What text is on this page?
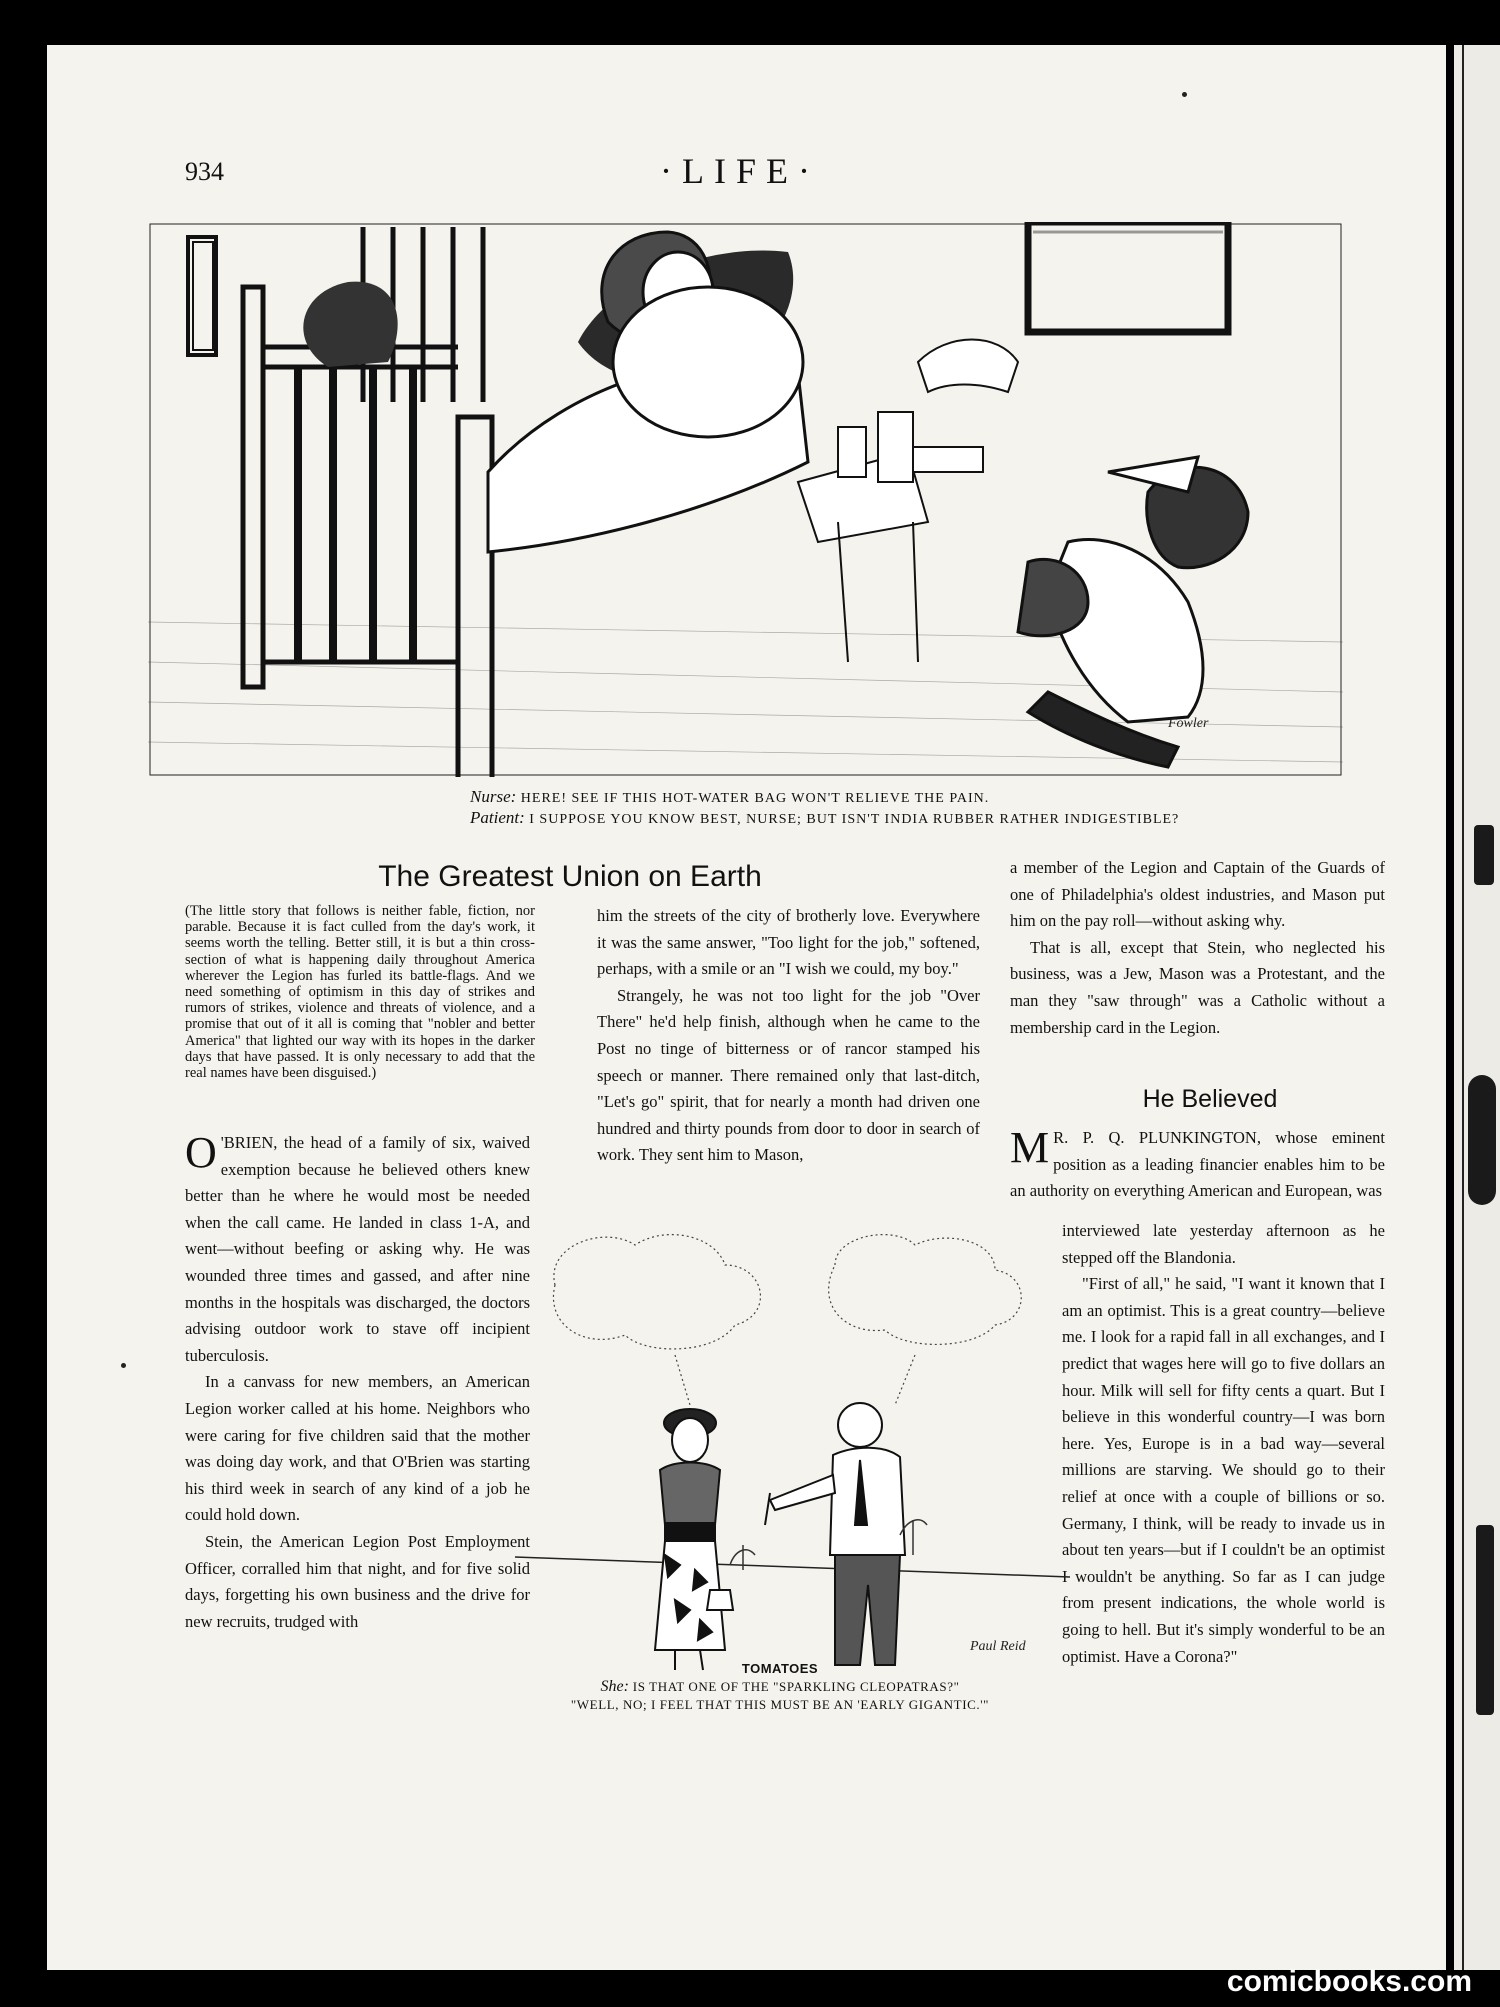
934	·LIFE·
Fowler
Nurse: HERE! SEE IF THIS HOT-WATER BAG WON'T RELIEVE THE PAIN.
Patient: I SUPPOSE YOU KNOW BEST, NURSE; BUT ISN'T INDIA RUBBER RATHER INDIGESTIBLE?
The Greatest Union on Earth
(The little story that follows is neither fable, fiction, nor parable. Because it is fact culled from the day's work, it seems worth the telling. Better still, it is but a thin cross-section of what is happening daily throughout America wherever the Legion has furled its battle-flags. And we need something of optimism in this day of strikes and rumors of strikes, violence and threats of violence, and a promise that out of it all is coming that "nobler and better America" that lighted our way with its hopes in the darker days that have passed. It is only necessary to add that the real names have been disguised.)

O 'BRIEN, the head of a family of six, waived exemption because he believed others knew better than he where he would most be needed when the call came. He landed in class 1-A, and went—without beefing or asking why. He was wounded three times and gassed, and after nine months in the hospitals was discharged, the doctors advising outdoor work to stave off incipient tuberculosis.

In a canvass for new members, an American Legion worker called at his home. Neighbors who were caring for five children said that the mother was doing day work, and that O'Brien was starting his third week in search of any kind of a job he could hold down.

Stein, the American Legion Post Employment Officer, corralled him that night, and for five solid days, forgetting his own business and the drive for new recruits, trudged with

him the streets of the city of brotherly love. Everywhere it was the same answer, "Too light for the job," softened, perhaps, with a smile or an "I wish we could, my boy."

Strangely, he was not too light for the job "Over There" he'd help finish, although when he came to the Post no tinge of bitterness or of rancor stamped his speech or manner. There remained only that last-ditch, "Let's go" spirit, that for nearly a month had driven one hundred and thirty pounds from door to door in search of work. They sent him to Mason,

a member of the Legion and Captain of the Guards of one of Philadelphia's oldest industries, and Mason put him on the pay roll—without asking why.

That is all, except that Stein, who neglected his business, was a Jew, Mason was a Protestant, and the man they "saw through" was a Catholic without a membership card in the Legion.

He Believed

M R. P. Q. PLUNKINGTON, whose eminent position as a leading financier enables him to be an authority on everything American and European, was

interviewed late yesterday afternoon as he stepped off the Blandonia.

"First of all," he said, "I want it known that I am an optimist. This is a great country—believe me. I look for a rapid fall in all exchanges, and I predict that wages here will go to five dollars an hour. Milk will sell for fifty cents a quart. But I believe in this wonderful country—I was born here. Yes, Europe is in a bad way—several millions are starving. We should go to their relief at once with a couple of billions or so. Germany, I think, will be ready to invade us in about ten years—but if I couldn't be an optimist I wouldn't be anything. So far as I can judge from present indications, the whole world is going to hell. But it's simply wonderful to be an optimist. Have a Corona?"

Paul Reid
TOMATOES
She: IS THAT ONE OF THE "SPARKLING CLEOPATRAS?"
"WELL, NO; I FEEL THAT THIS MUST BE AN 'EARLY GIGANTIC.'"
comicbooks.com
